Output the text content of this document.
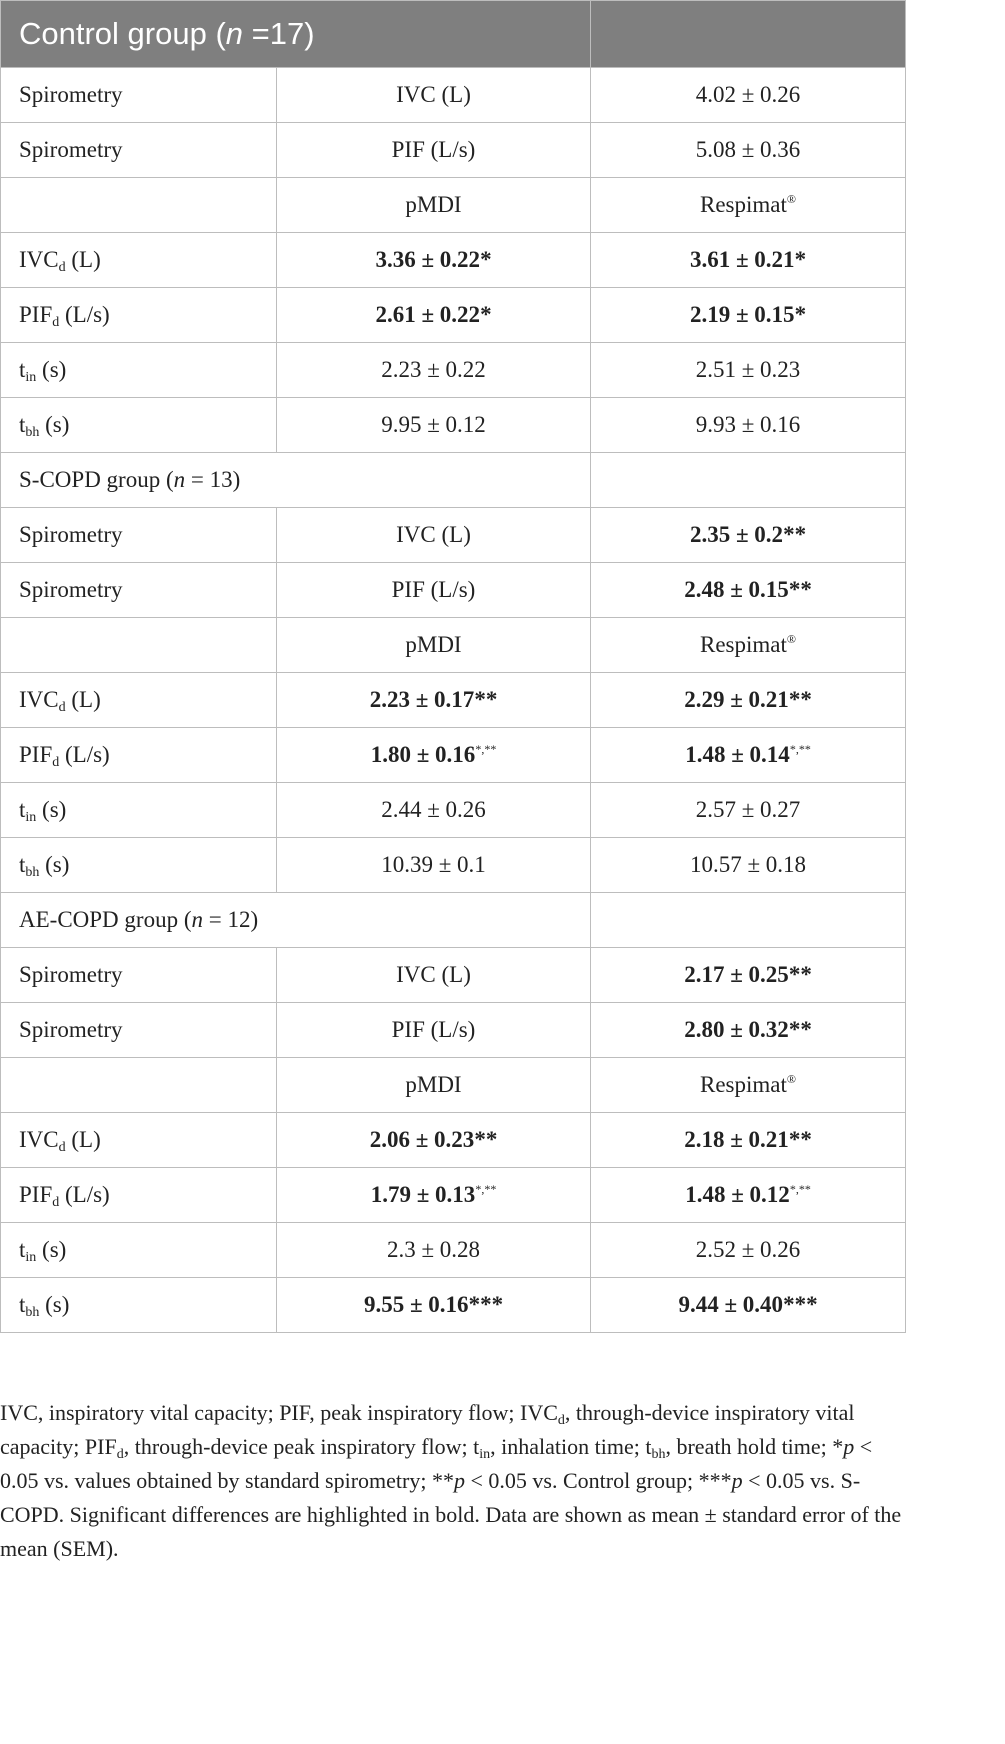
Control group (n =17)		
Spirometry	IVC (L)	4.02 ± 0.26
Spirometry	PIF (L/s)	5.08 ± 0.36
	pMDI	Respimat®
$IVC_d$ (L)	3.36 ± 0.22*	3.61 ± 0.21*
$PIF_d$ (L/s)	2.61 ± 0.22*	2.19 ± 0.15*
$t_{in}$ (s)	2.23 ± 0.22	2.51 ± 0.23
$t_{bh}$ (s)	9.95 ± 0.12	9.93 ± 0.16
S-COPD group (n = 13)		
Spirometry	IVC (L)	2.35 ± 0.2**
Spirometry	PIF (L/s)	2.48 ± 0.15**
	pMDI	Respimat®
$IVC_d$ (L)	2.23 ± 0.17**	2.29 ± 0.21**
$PIF_d$ (L/s)	1.80 ± 0.16*,**	1.48 ± 0.14*,**
$t_{in}$ (s)	2.44 ± 0.26	2.57 ± 0.27
$t_{bh}$ (s)	10.39 ± 0.1	10.57 ± 0.18
AE-COPD group (n = 12)		
Spirometry	IVC (L)	2.17 ± 0.25**
Spirometry	PIF (L/s)	2.80 ± 0.32**
	pMDI	Respimat®
$IVC_d$ (L)	2.06 ± 0.23**	2.18 ± 0.21**
$PIF_d$ (L/s)	1.79 ± 0.13*,**	1.48 ± 0.12*,**
$t_{in}$ (s)	2.3 ± 0.28	2.52 ± 0.26
$t_{bh}$ (s)	9.55 ± 0.16***	9.44 ± 0.40***
IVC, inspiratory vital capacity; PIF, peak inspiratory flow; $IVC_d$, through-device inspiratory vital capacity; $PIF_d$, through-device peak inspiratory flow; $t_{in}$, inhalation time; $t_{bh}$, breath hold time; *p < 0.05 vs. values obtained by standard spirometry; **p < 0.05 vs. Control group; ***p < 0.05 vs. S-COPD. Significant differences are highlighted in bold. Data are shown as mean ± standard error of the mean (SEM).
